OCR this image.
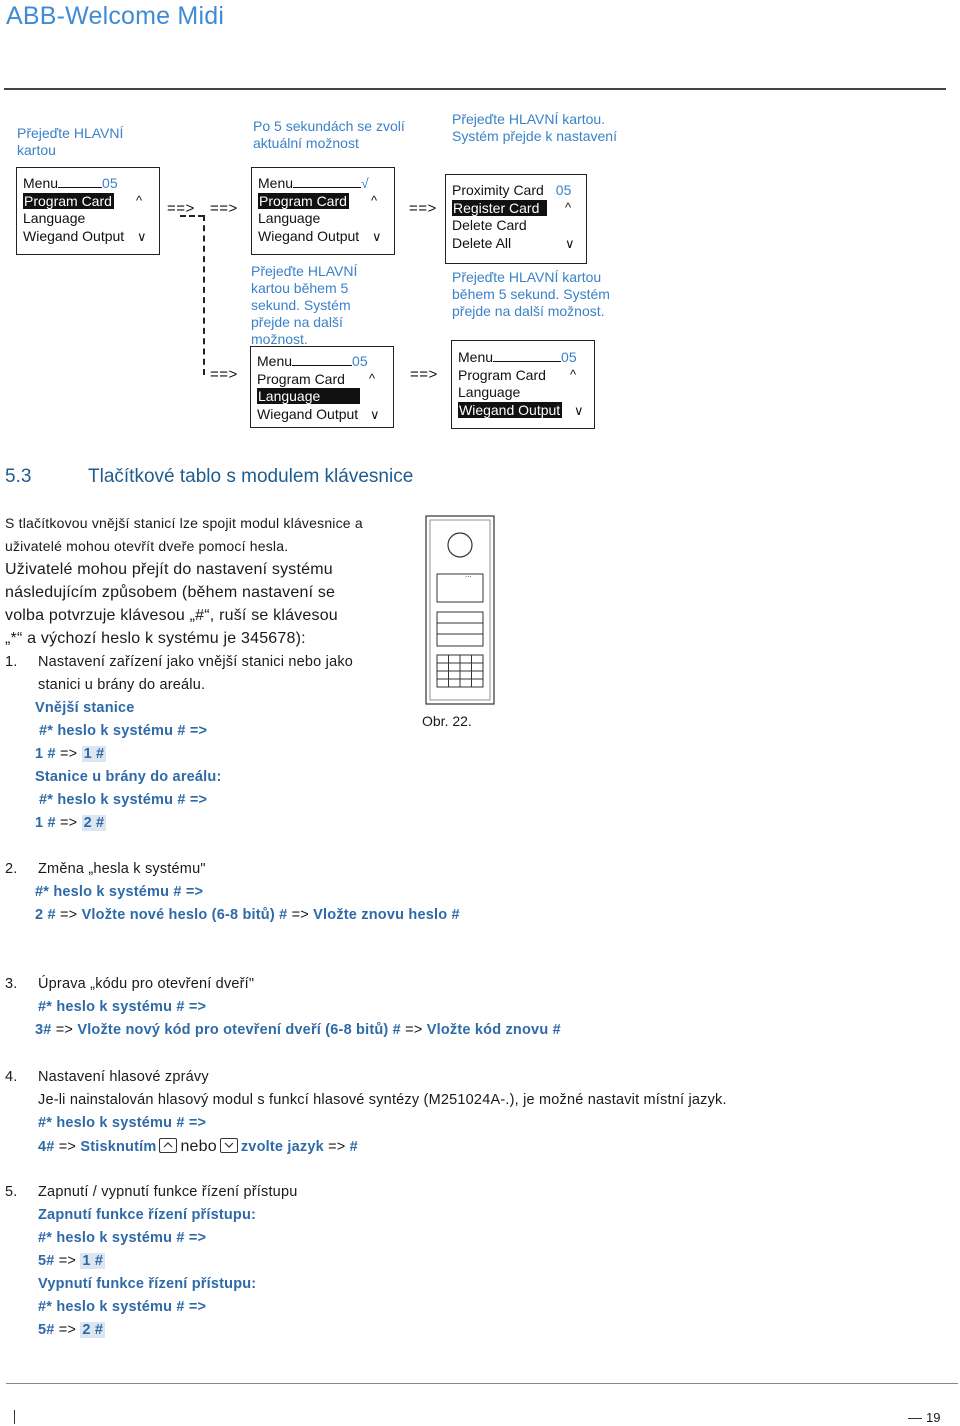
ABB-Welcome Midi
Přejeďte HLAVNÍ kartou
Po 5 sekundách se zvolí aktuální možnost
Přejeďte HLAVNÍ kartou. Systém přejde k nastavení
Přejeďte HLAVNÍ kartou během 5 sekund. Systém přejde na další možnost.
Přejeďte HLAVNÍ kartou během 5 sekund. Systém přejde na další možnost.
Menu	05
Program Card ^
Language
Wiegand Output ∨
==> ==>	==>
Menu	√
Program Card ^
Language
Wiegand Output ∨
Proximity Card 05
Register Card ^
Delete Card
Delete All	∨
==>	==>
Menu	05
Program Card ^
Language
Wiegand Output ∨
Menu	05
Program Card ^
Language
Wiegand Output ∨
5.3	Tlačítkové tablo s modulem klávesnice
S tlačítkovou vnější stanicí lze spojit modul klávesnice a
uživatelé mohou otevřít dveře pomocí hesla.
Uživatelé mohou přejít do nastavení systému
následujícím způsobem (během nastavení se
volba potvrzuje klávesou „#“, ruší se klávesou
„*“ a výchozí heslo k systému je 345678):
···
Obr. 22.
1. Nastavení zařízení jako vnější stanici nebo jako
stanici u brány do areálu.
Vnější stanice
#* heslo k systému # =>
1 # => 1 #
Stanice u brány do areálu:
#* heslo k systému # =>
1 # => 2 #
2. Změna „hesla k systému"
#* heslo k systému # =>
2 # => Vložte nové heslo (6-8 bitů) # => Vložte znovu heslo #
3. Úprava „kódu pro otevření dveří"
#* heslo k systému # =>
3# => Vložte nový kód pro otevření dveří (6-8 bitů) # => Vložte kód znovu #
4. Nastavení hlasové zprávy
Je-li nainstalován hlasový modul s funkcí hlasové syntézy (M251024A-.), je možné nastavit místní jazyk.
#* heslo k systému # =>
4# => Stisknutím nebo zvolte jazyk => #
5. Zapnutí / vypnutí funkce řízení přístupu
Zapnutí funkce řízení přístupu:
#* heslo k systému # =>
5# => 1 #
Vypnutí funkce řízení přístupu:
#* heslo k systému # =>
5# => 2 #
19
